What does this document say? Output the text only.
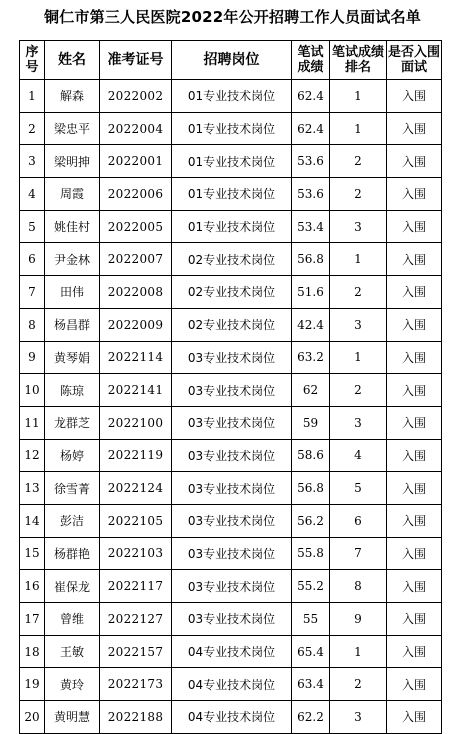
铜仁市第三人民医院2022年公开招聘工作人员面试名单
序号	姓名	准考证号	招聘岗位	笔试成绩	笔试成绩排名	是否入围面试
1	解森	2022002	01专业技术岗位	62.4	1	入围
2	梁忠平	2022004	01专业技术岗位	62.4	1	入围
3	梁明抻	2022001	01专业技术岗位	53.6	2	入围
4	周霞	2022006	01专业技术岗位	53.6	2	入围
5	姚佳村	2022005	01专业技术岗位	53.4	3	入围
6	尹金林	2022007	02专业技术岗位	56.8	1	入围
7	田伟	2022008	02专业技术岗位	51.6	2	入围
8	杨昌群	2022009	02专业技术岗位	42.4	3	入围
9	黄琴娟	2022114	03专业技术岗位	63.2	1	入围
10	陈琼	2022141	03专业技术岗位	62	2	入围
11	龙群芝	2022100	03专业技术岗位	59	3	入围
12	杨婷	2022119	03专业技术岗位	58.6	4	入围
13	徐雪菁	2022124	03专业技术岗位	56.8	5	入围
14	彭洁	2022105	03专业技术岗位	56.2	6	入围
15	杨群艳	2022103	03专业技术岗位	55.8	7	入围
16	崔保龙	2022117	03专业技术岗位	55.2	8	入围
17	曾维	2022127	03专业技术岗位	55	9	入围
18	王敏	2022157	04专业技术岗位	65.4	1	入围
19	黄玲	2022173	04专业技术岗位	63.4	2	入围
20	黄明慧	2022188	04专业技术岗位	62.2	3	入围
